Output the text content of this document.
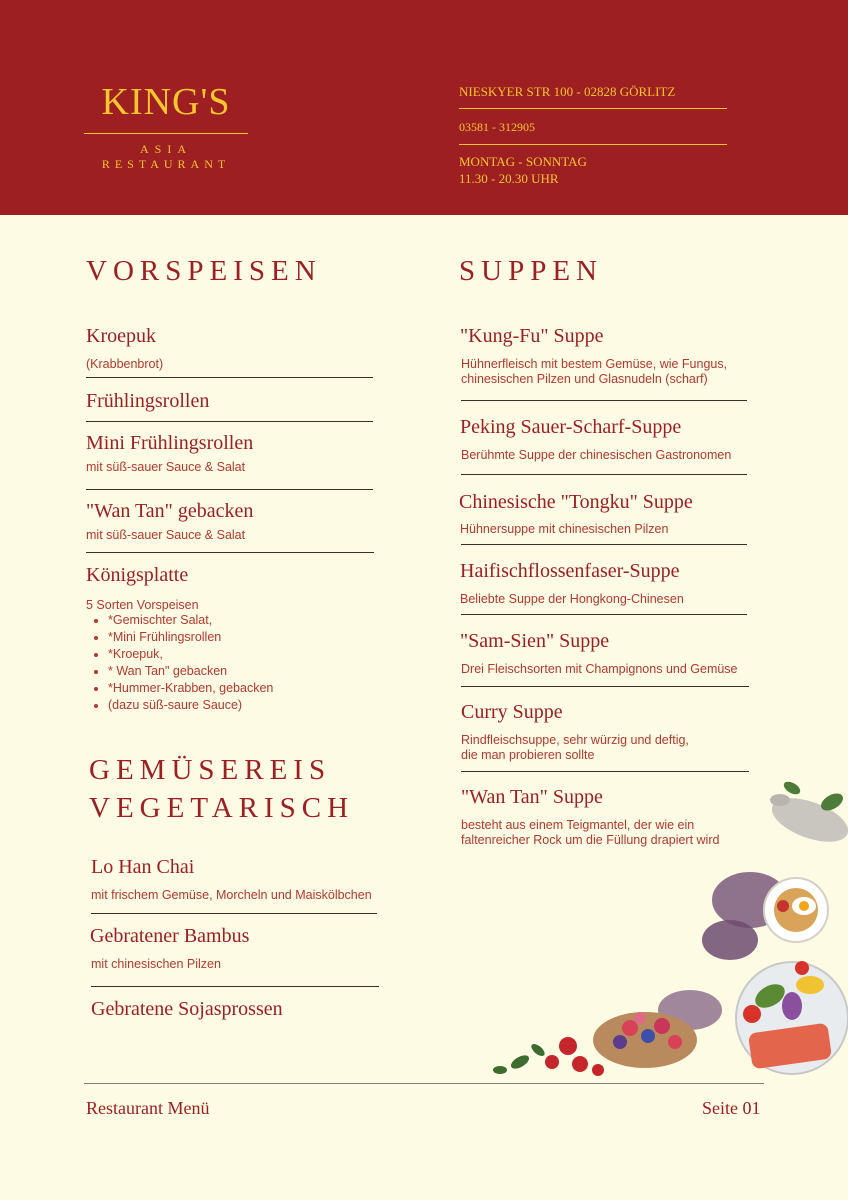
KING'S
ASIA
RESTAURANT
NIESKYER STR 100 - 02828 GÖRLITZ
03581 - 312905
MONTAG - SONNTAG
11.30 - 20.30 UHR
VORSPEISEN
Kroepuk
(Krabbenbrot)
Frühlingsrollen
Mini Frühlingsrollen
mit süß-sauer Sauce & Salat
"Wan Tan" gebacken
mit süß-sauer Sauce & Salat
Königsplatte
5 Sorten Vorspeisen
• *Gemischter Salat,
• *Mini Frühlingsrollen
• *Kroepuk,
• * Wan Tan" gebacken
• *Hummer-Krabben, gebacken
• (dazu süß-saure Sauce)
GEMÜSEREIS
VEGETARISCH
Lo Han Chai
mit frischem Gemüse, Morcheln und Maiskölbchen
Gebratener Bambus
mit chinesischen Pilzen
Gebratene Sojasprossen
SUPPEN
"Kung-Fu" Suppe
Hühnerfleisch mit bestem Gemüse, wie Fungus,
chinesischen Pilzen und Glasnudeln (scharf)
Peking Sauer-Scharf-Suppe
Berühmte Suppe der chinesischen Gastronomen
Chinesische "Tongku" Suppe
Hühnersuppe mit chinesischen Pilzen
Haifischflossenfaser-Suppe
Beliebte Suppe der Hongkong-Chinesen
"Sam-Sien" Suppe
Drei Fleischsorten mit Champignons und Gemüse
Curry Suppe
Rindfleischsuppe, sehr würzig und deftig,
die man probieren sollte
"Wan Tan" Suppe
besteht aus einem Teigmantel, der wie ein
faltenreicher Rock um die Füllung drapiert wird
Restaurant Menü	Seite 01
